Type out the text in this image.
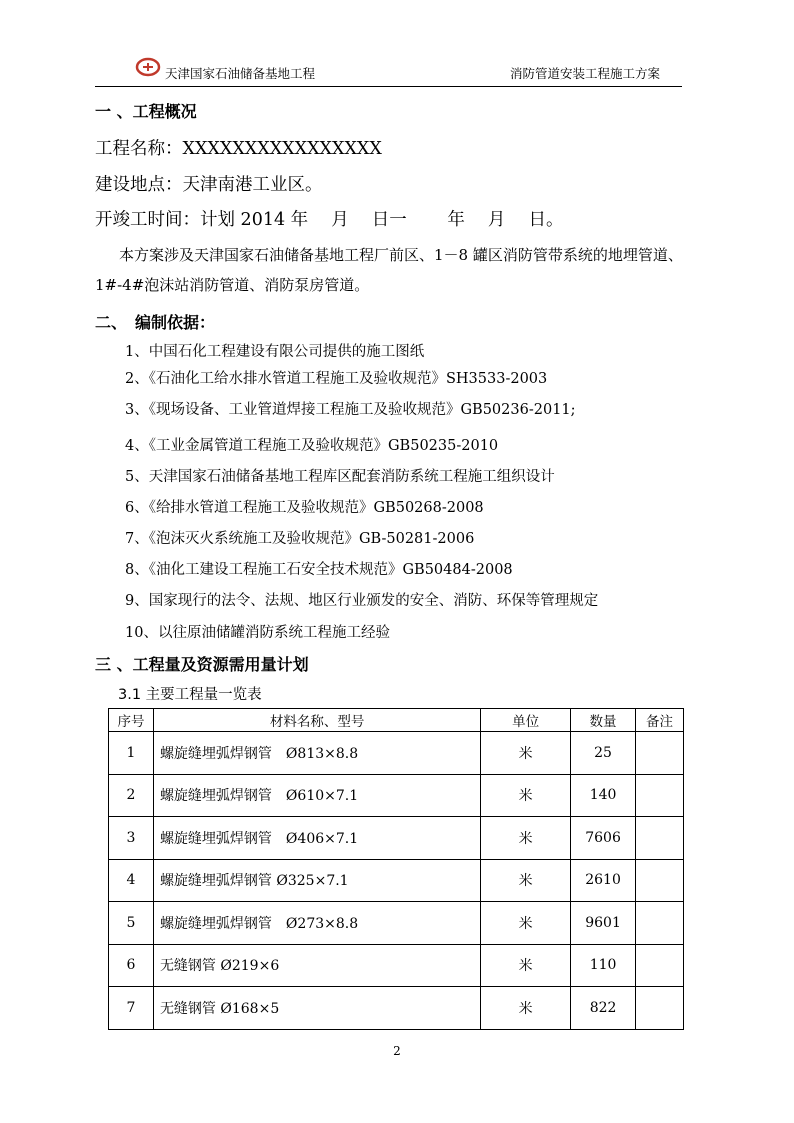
天津国家石油储备基地工程	消防管道安装工程施工方案
一 、工程概况
工程名称：XXXXXXXXXXXXXXXX
建设地点：天津南港工业区。
开竣工时间：计划 2014 年　 月　 日一　　 年　 月　 日。
本方案涉及天津国家石油储备基地工程厂前区、1－8 罐区消防管带系统的地埋管道、1#-4#泡沫站消防管道、消防泵房管道。
二、　编制依据：
1、中国石化工程建设有限公司提供的施工图纸
2、《石油化工给水排水管道工程施工及验收规范》SH3533-2003
3、《现场设备、工业管道焊接工程施工及验收规范》GB50236-2011;
4、《工业金属管道工程施工及验收规范》GB50235-2010
5、天津国家石油储备基地工程库区配套消防系统工程施工组织设计
6、《给排水管道工程施工及验收规范》GB50268-2008
7、《泡沫灭火系统施工及验收规范》GB-50281-2006
8、《油化工建设工程施工石安全技术规范》GB50484-2008
9、国家现行的法令、法规、地区行业颁发的安全、消防、环保等管理规定
10、以往原油储罐消防系统工程施工经验
三 、工程量及资源需用量计划
3.1 主要工程量一览表
序号	材料名称、型号	单位	数量	备注
1	螺旋缝埋弧焊钢管　Ø813×8.8	米	25	
2	螺旋缝埋弧焊钢管　Ø610×7.1	米	140	
3	螺旋缝埋弧焊钢管　Ø406×7.1	米	7606	
4	螺旋缝埋弧焊钢管 Ø325×7.1	米	2610	
5	螺旋缝埋弧焊钢管　Ø273×8.8	米	9601	
6	无缝钢管 Ø219×6	米	110	
7	无缝钢管 Ø168×5	米	822	
2
